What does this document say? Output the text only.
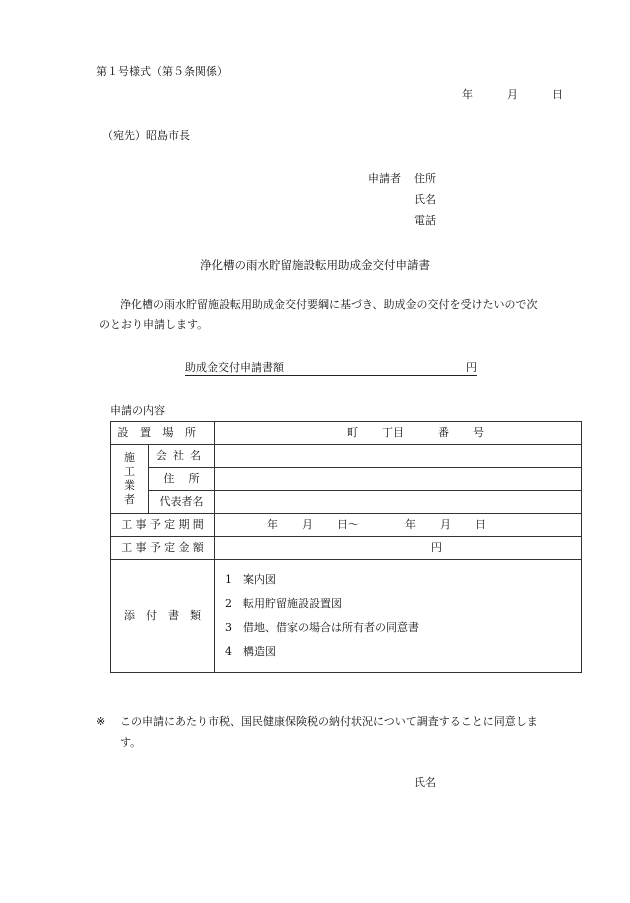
第１号様式（第５条関係）
年	月	日
（宛先）昭島市長
申請者 住所
氏名
電話
浄化槽の雨水貯留施設転用助成金交付申請書
浄化槽の雨水貯留施設転用助成金交付要綱に基づき、助成金の交付を受けたいので次
のとおり申請します。
助成金交付申請書額	円
申請の内容
設置場所		町 丁目 番 号

施工
業者	会社名	
	住所	
	代表者名	
工事予定期間		年 月 日～ 年 月 日
工事予定金額		円
添付書類		1 案内図
2 転用貯留施設設置図
3 借地、借家の場合は所有者の同意書
4 構造図
※ この申請にあたり市税、国民健康保険税の納付状況について調査することに同意しま
す。
氏名
